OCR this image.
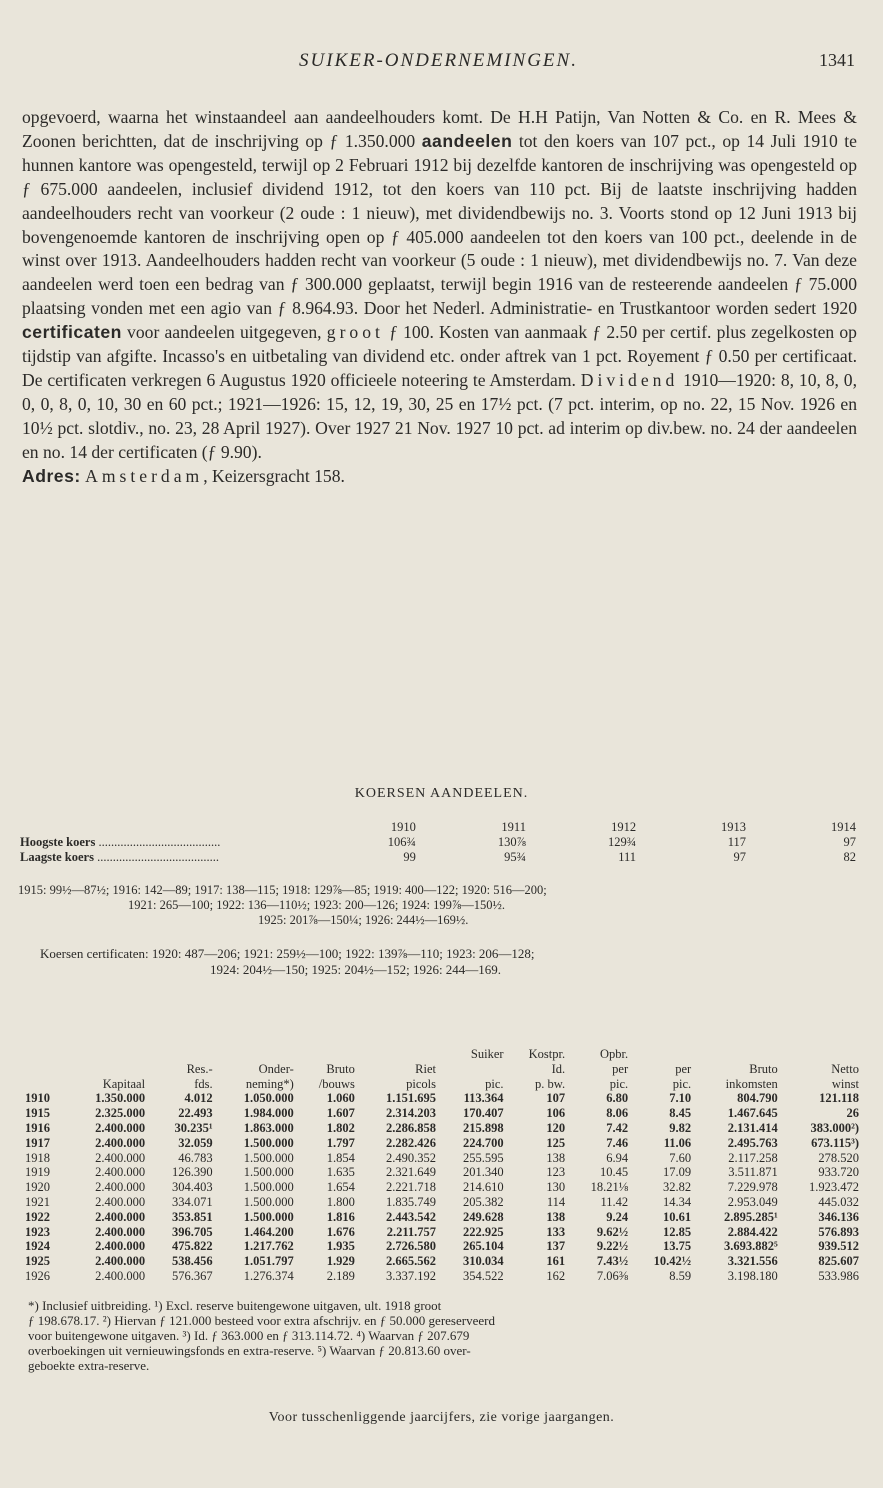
SUIKER-ONDERNEMINGEN.	1341

opgevoerd, waarna het winstaandeel aan aandeelhouders komt. De H.H Patijn, Van Notten & Co. en R. Mees & Zoonen berichtten, dat de inschrijving op ƒ 1.350.000 aandeelen tot den koers van 107 pct., op 14 Juli 1910 te hunnen kantore was opengesteld, terwijl op 2 Februari 1912 bij dezelfde kantoren de inschrijving was opengesteld op ƒ 675.000 aandeelen, inclusief dividend 1912, tot den koers van 110 pct. Bij de laatste inschrijving hadden aandeelhouders recht van voorkeur (2 oude : 1 nieuw), met dividendbewijs no. 3. Voorts stond op 12 Juni 1913 bij bovengenoemde kantoren de inschrijving open op ƒ 405.000 aandeelen tot den koers van 100 pct., deelende in de winst over 1913. Aandeelhouders hadden recht van voorkeur (5 oude : 1 nieuw), met dividendbewijs no. 7. Van deze aandeelen werd toen een bedrag van ƒ 300.000 geplaatst, terwijl begin 1916 van de resteerende aandeelen ƒ 75.000 plaatsing vonden met een agio van ƒ 8.964.93. Door het Nederl. Administratie- en Trustkantoor worden sedert 1920 certificaten voor aandeelen uitgegeven, groot ƒ 100. Kosten van aanmaak ƒ 2.50 per certif. plus zegelkosten op tijdstip van afgifte. Incasso's en uitbetaling van dividend etc. onder aftrek van 1 pct. Royement ƒ 0.50 per certificaat. De certificaten verkregen 6 Augustus 1920 officieele noteering te Amsterdam. Dividend 1910—1920: 8, 10, 8, 0, 0, 0, 8, 0, 10, 30 en 60 pct.; 1921—1926: 15, 12, 19, 30, 25 en 17½ pct. (7 pct. interim, op no. 22, 15 Nov. 1926 en 10½ pct. slotdiv., no. 23, 28 April 1927). Over 1927 21 Nov. 1927 10 pct. ad interim op div.bew. no. 24 der aandeelen en no. 14 der certificaten (ƒ 9.90).

Adres: Amsterdam, Keizersgracht 158.

KOERSEN AANDEELEN.
	1910	1911	1912	1913	1914
Hoogste koers .......................................	106¾	130⅞	129¾	117	97
Laagste koers .......................................	99	95¾	111	97	82
1915: 99½—87½; 1916: 142—89; 1917: 138—115; 1918: 129⅞—85; 1919: 400—122; 1920: 516—200;
1921: 265—100; 1922: 136—110½; 1923: 200—126; 1924: 199⅞—150½.
1925: 201⅞—150¼; 1926: 244½—169½.
Koersen certificaten: 1920: 487—206; 1921: 259½—100; 1922: 139⅞—110; 1923: 206—128;
1924: 204½—150; 1925: 204½—152; 1926: 244—169.
						Suiker	Kostpr.	Opbr.			
		Res.-	Onder-	Bruto	Riet		Id.	per	per	Bruto	Netto
	Kapitaal	fds.	neming*)	/bouws	picols	pic.	p. bw.	pic.	pic.	inkomsten	winst
1910	1.350.000	4.012	1.050.000	1.060	1.151.695	113.364	107	6.80	7.10	804.790	121.118
1915	2.325.000	22.493	1.984.000	1.607	2.314.203	170.407	106	8.06	8.45	1.467.645	26
1916	2.400.000	30.235¹	1.863.000	1.802	2.286.858	215.898	120	7.42	9.82	2.131.414	383.000²)
1917	2.400.000	32.059	1.500.000	1.797	2.282.426	224.700	125	7.46	11.06	2.495.763	673.115³)
1918	2.400.000	46.783	1.500.000	1.854	2.490.352	255.595	138	6.94	7.60	2.117.258	278.520
1919	2.400.000	126.390	1.500.000	1.635	2.321.649	201.340	123	10.45	17.09	3.511.871	933.720
1920	2.400.000	304.403	1.500.000	1.654	2.221.718	214.610	130	18.21⅛	32.82	7.229.978	1.923.472
1921	2.400.000	334.071	1.500.000	1.800	1.835.749	205.382	114	11.42	14.34	2.953.049	445.032
1922	2.400.000	353.851	1.500.000	1.816	2.443.542	249.628	138	9.24	10.61	2.895.285¹	346.136
1923	2.400.000	396.705	1.464.200	1.676	2.211.757	222.925	133	9.62½	12.85	2.884.422	576.893
1924	2.400.000	475.822	1.217.762	1.935	2.726.580	265.104	137	9.22½	13.75	3.693.882⁵	939.512
1925	2.400.000	538.456	1.051.797	1.929	2.665.562	310.034	161	7.43½	10.42½	3.321.556	825.607
1926	2.400.000	576.367	1.276.374	2.189	3.337.192	354.522	162	7.06⅜	8.59	3.198.180	533.986
*) Inclusief uitbreiding. ¹) Excl. reserve buitengewone uitgaven, ult. 1918 groot
ƒ 198.678.17. ²) Hiervan ƒ 121.000 besteed voor extra afschrijv. en ƒ 50.000 gereserveerd
voor buitengewone uitgaven. ³) Id. ƒ 363.000 en ƒ 313.114.72. ⁴) Waarvan ƒ 207.679
overboekingen uit vernieuwingsfonds en extra-reserve. ⁵) Waarvan ƒ 20.813.60 over-
geboekte extra-reserve.
Voor tusschenliggende jaarcijfers, zie vorige jaargangen.
